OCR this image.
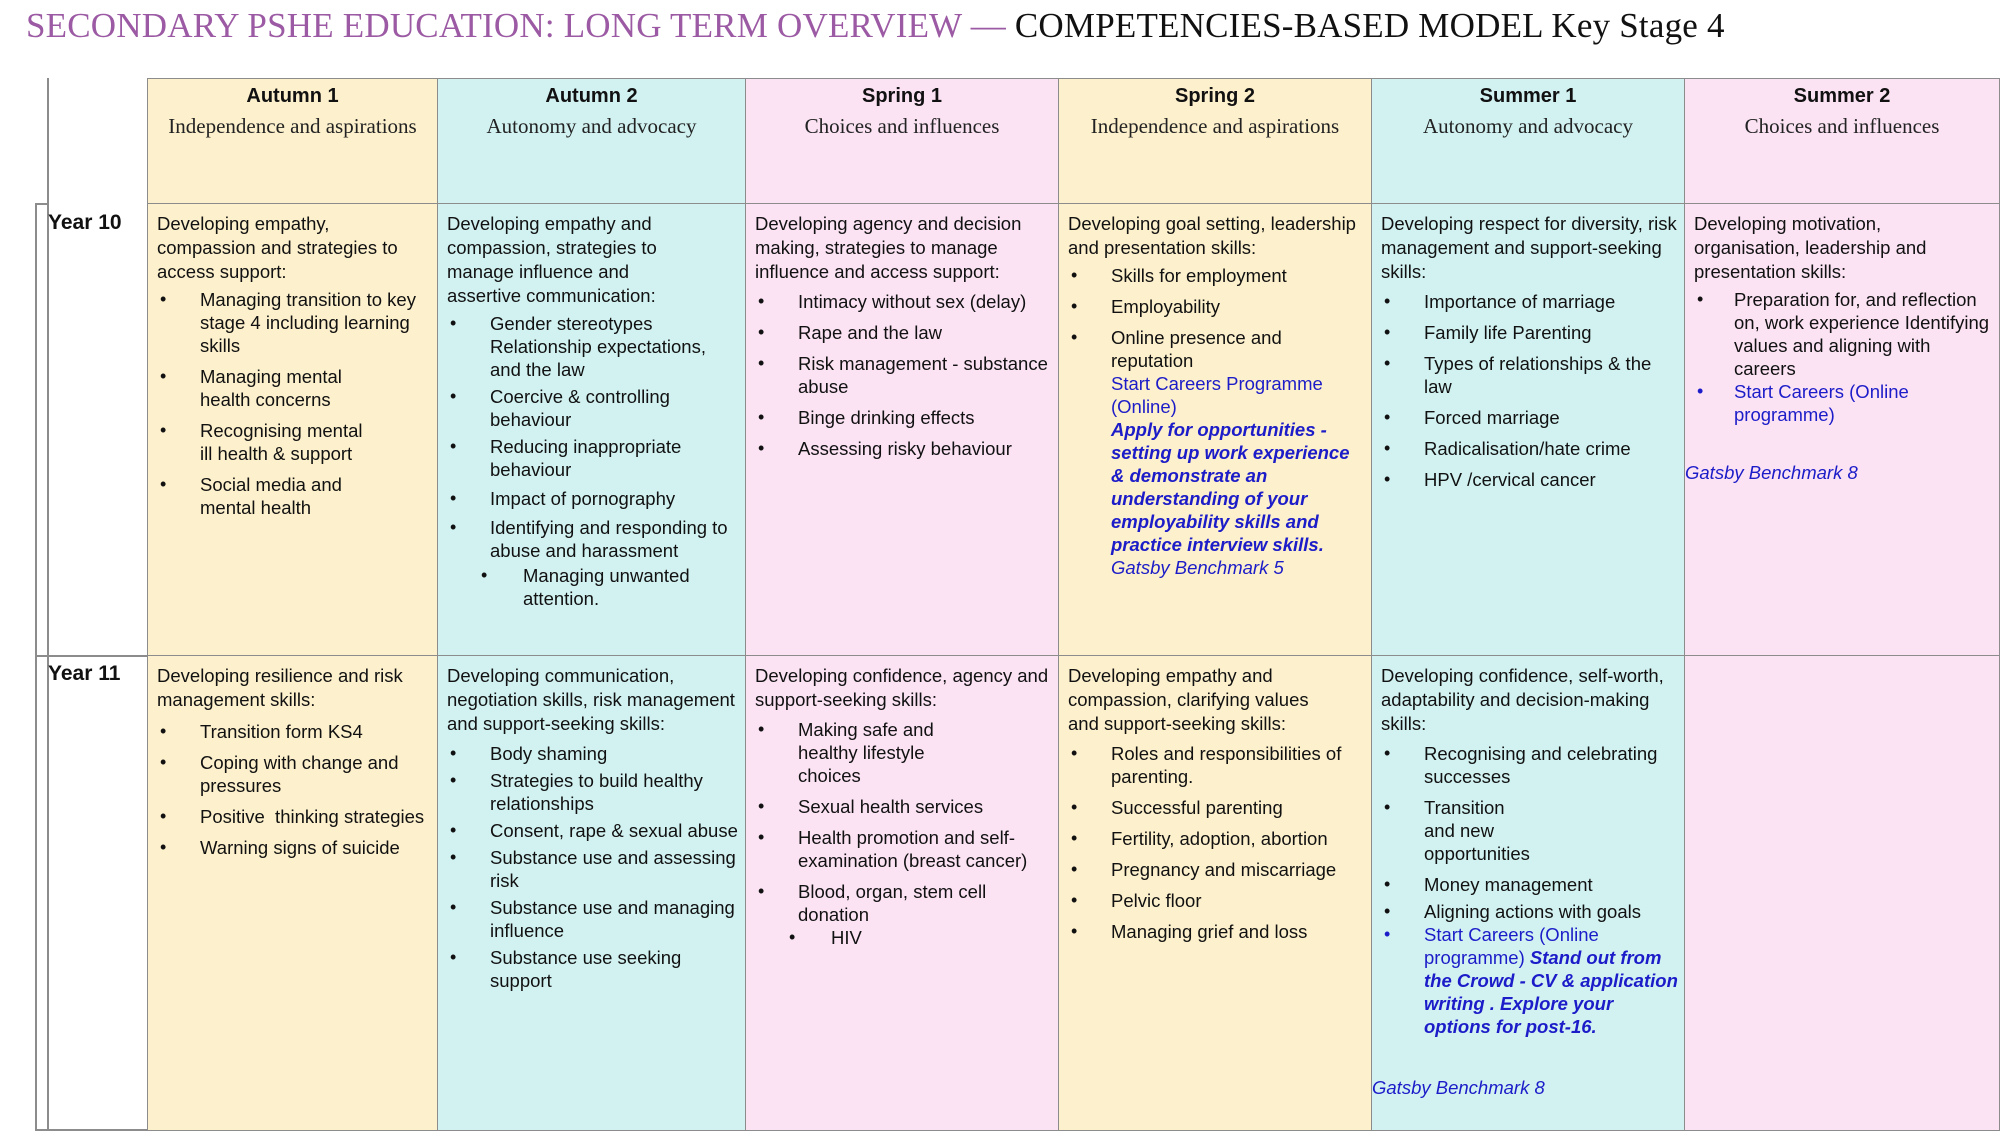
SECONDARY PSHE EDUCATION: LONG TERM OVERVIEW — COMPETENCIES-BASED MODEL Key Stage 4
Autumn 1
Independence and aspirations
Autumn 2
Autonomy and advocacy
Spring 1
Choices and influences
Spring 2
Independence and aspirations
Summer 1
Autonomy and advocacy
Summer 2
Choices and influences
Year 10
Year 11

Developing empathy, compassion and strategies to access support:

• Managing transition to key stage 4 including learning skills
• Managing mental health concerns
• Recognising mental ill health & support
• Social media and mental health

Developing empathy and compassion, strategies to manage influence and assertive communication:

• Gender stereotypes Relationship expectations, and the law
• Coercive & controlling behaviour
• Reducing inappropriate behaviour
• Impact of pornography
• Identifying and responding to abuse and harassment
• Managing unwanted attention.

Developing agency and decision making, strategies to manage influence and access support:

• Intimacy without sex (delay)
• Rape and the law
• Risk management - substance abuse
• Binge drinking effects
• Assessing risky behaviour

Developing goal setting, leadership and presentation skills:

• Skills for employment
• Employability
• Online presence and reputation
Start Careers Programme (Online)
Apply for opportunities - setting up work experience & demonstrate an understanding of your employability skills and practice interview skills.
Gatsby Benchmark 5

Developing respect for diversity, risk management and support-seeking skills:

• Importance of marriage
• Family life Parenting
• Types of relationships & the law
• Forced marriage
• Radicalisation/hate crime
• HPV /cervical cancer

Developing motivation, organisation, leadership and presentation skills:

• Preparation for, and reflection on, work experience Identifying values and aligning with careers
• Start Careers (Online programme)
Gatsby Benchmark 8

Developing resilience and risk management skills:

• Transition form KS4
• Coping with change and pressures
• Positive  thinking strategies
• Warning signs of suicide

Developing communication, negotiation skills, risk management and support-seeking skills:

• Body shaming
• Strategies to build healthy relationships
• Consent, rape & sexual abuse
• Substance use and assessing risk
• Substance use and managing influence
• Substance use seeking support

Developing confidence, agency and support-seeking skills:

• Making safe and healthy lifestyle choices
• Sexual health services
• Health promotion and self- examination (breast cancer)
• Blood, organ, stem cell donation
• HIV

Developing empathy and compassion, clarifying values and support-seeking skills:

• Roles and responsibilities of parenting.
• Successful parenting
• Fertility, adoption, abortion
• Pregnancy and miscarriage
• Pelvic floor
• Managing grief and loss

Developing confidence, self-worth, adaptability and decision-making skills:

• Recognising and celebrating successes
• Transition and new opportunities
• Money management
• Aligning actions with goals
• Start Careers (Online programme) Stand out from the Crowd - CV & application writing . Explore your options for post-16.
Gatsby Benchmark 8
